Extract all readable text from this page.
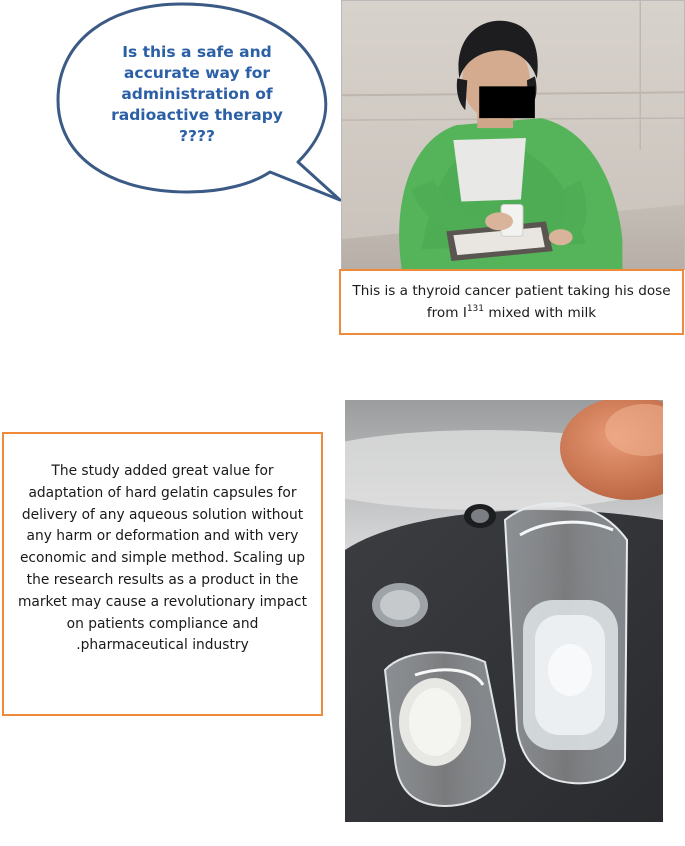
Is this a safe and
accurate way for
administration of
radioactive therapy
????
This is a thyroid cancer patient taking his dose
from $I^{131}$ mixed with milk
The study added great value for
adaptation of hard gelatin capsules for
delivery of any aqueous solution without
any harm or deformation and with very
economic and simple method. Scaling up
the research results as a product in the
market may cause a revolutionary impact
on patients compliance and
.pharmaceutical industry
